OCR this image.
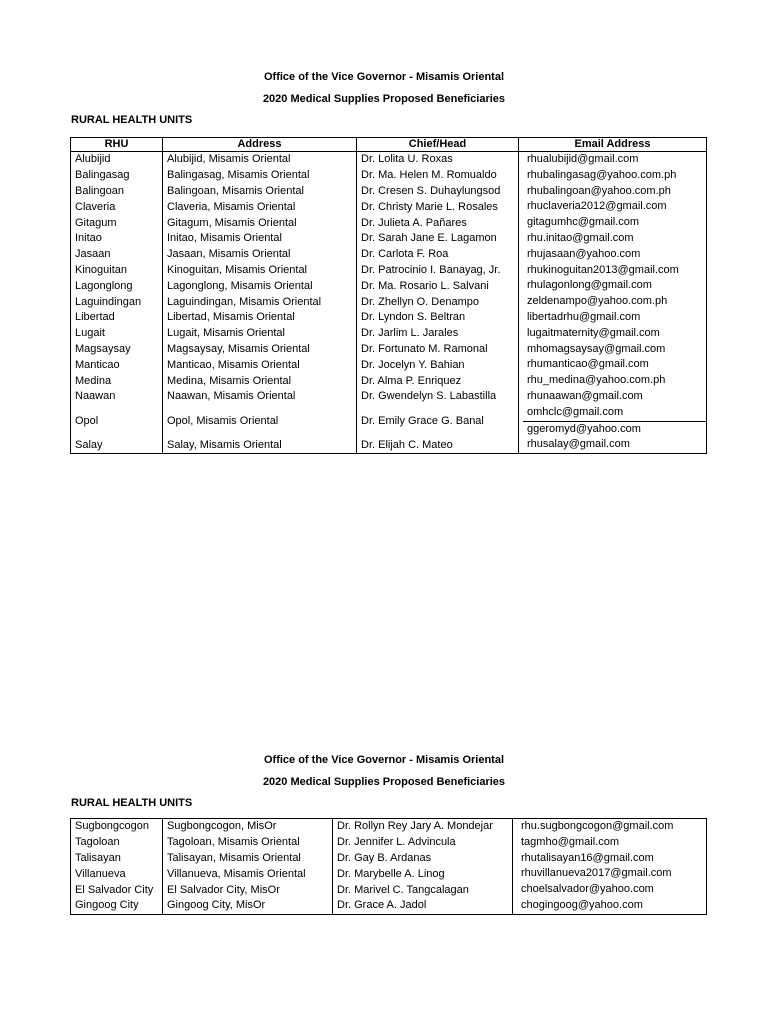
Office of the Vice Governor - Misamis Oriental
2020 Medical Supplies Proposed Beneficiaries
RURAL HEALTH UNITS
RHU	Address	Chief/Head	Email Address
Alubijid	Alubijid, Misamis Oriental	Dr. Lolita U. Roxas	rhualubijid@gmail.com

Balingasag	Balingasag, Misamis Oriental	Dr. Ma. Helen M. Romualdo	rhubalingasag@yahoo.com.ph

Balingoan	Balingoan, Misamis Oriental	Dr. Cresen S. Duhaylungsod	rhubalingoan@yahoo.com.ph

Claveria	Claveria, Misamis Oriental	Dr. Christy Marie L. Rosales	rhuclaveria2012@gmail.com

Gitagum	Gitagum, Misamis Oriental	Dr. Julieta A. Pañares	gitagumhc@gmail.com

Initao	Initao, Misamis Oriental	Dr. Sarah Jane E. Lagamon	rhu.initao@gmail.com

Jasaan	Jasaan, Misamis Oriental	Dr. Carlota F. Roa	rhujasaan@yahoo.com

Kinoguitan	Kinoguitan, Misamis Oriental	Dr. Patrocinio I. Banayag, Jr.	rhukinoguitan2013@gmail.com

Lagonglong	Lagonglong, Misamis Oriental	Dr. Ma. Rosario L. Salvani	rhulagonlong@gmail.com

Laguindingan	Laguindingan, Misamis Oriental	Dr. Zhellyn O. Denampo	zeldenampo@yahoo.com.ph

Libertad	Libertad, Misamis Oriental	Dr. Lyndon S. Beltran	libertadrhu@gmail.com

Lugait	Lugait, Misamis Oriental	Dr. Jarlim L. Jarales	lugaitmaternity@gmail.com

Magsaysay	Magsaysay, Misamis Oriental	Dr. Fortunato M. Ramonal	mhomagsaysay@gmail.com

Manticao	Manticao, Misamis Oriental	Dr. Jocelyn Y. Bahian	rhumanticao@gmail.com

Medina	Medina, Misamis Oriental	Dr. Alma P. Enriquez	rhu_medina@yahoo.com.ph

Naawan	Naawan, Misamis Oriental	Dr. Gwendelyn S. Labastilla	rhunaawan@gmail.com

Opol	Opol, Misamis Oriental	Dr. Emily Grace G. Banal	omhclc@gmail.com
ggeromyd@yahoo.com

Salay	Salay, Misamis Oriental	Dr. Elijah C. Mateo	rhusalay@gmail.com
Office of the Vice Governor - Misamis Oriental
2020 Medical Supplies Proposed Beneficiaries
RURAL HEALTH UNITS
Sugbongcogon	Sugbongcogon, MisOr	Dr. Rollyn Rey Jary A. Mondejar	rhu.sugbongcogon@gmail.com

Tagoloan	Tagoloan, Misamis Oriental	Dr. Jennifer L. Advincula	tagmho@gmail.com

Talisayan	Talisayan, Misamis Oriental	Dr. Gay B. Ardanas	rhutalisayan16@gmail.com

Villanueva	Villanueva, Misamis Oriental	Dr. Marybelle A. Linog	rhuvillanueva2017@gmail.com

El Salvador City	El Salvador City, MisOr	Dr. Marivel C. Tangcalagan	choelsalvador@yahoo.com

Gingoog City	Gingoog City, MisOr	Dr. Grace A. Jadol	chogingoog@yahoo.com
